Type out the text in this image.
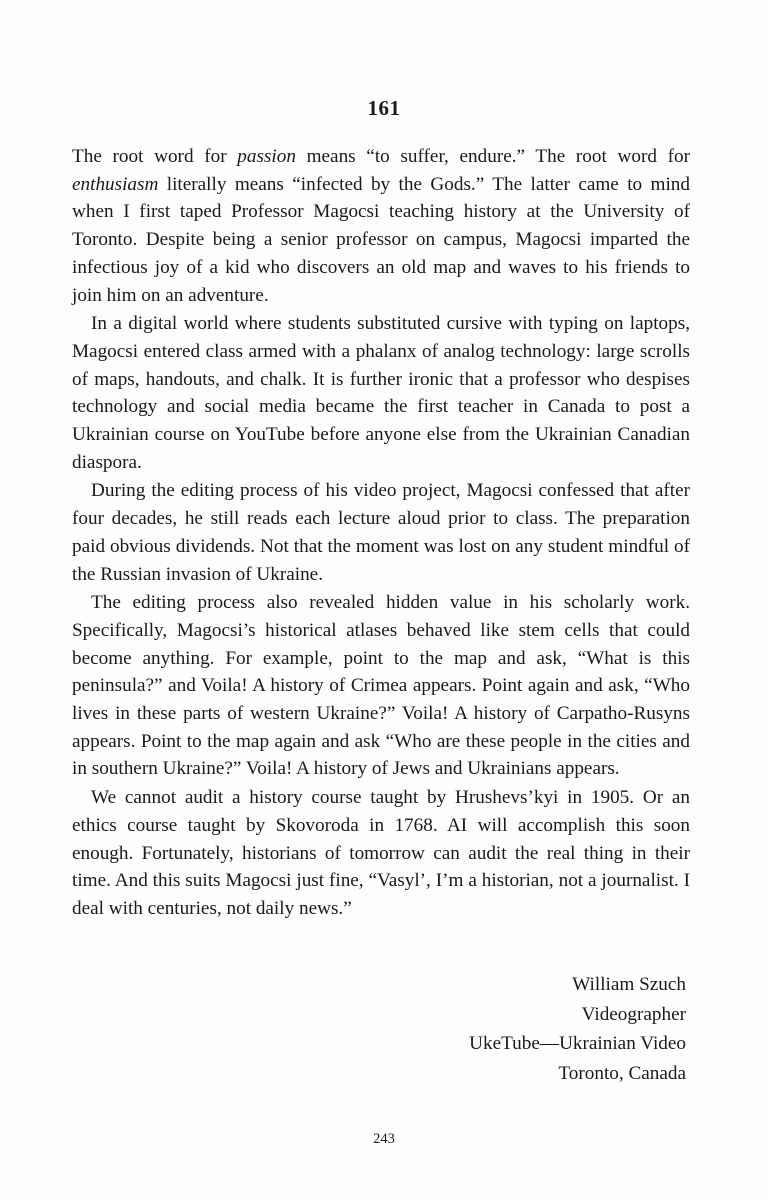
161

The root word for passion means “to suffer, endure.” The root word for enthusiasm literally means “infected by the Gods.” The latter came to mind when I first taped Professor Magocsi teaching history at the University of Toronto. Despite being a senior professor on campus, Magocsi imparted the infectious joy of a kid who discovers an old map and waves to his friends to join him on an adventure.

In a digital world where students substituted cursive with typing on laptops, Magocsi entered class armed with a phalanx of analog technology: large scrolls of maps, handouts, and chalk. It is further ironic that a professor who despises technology and social media became the first teacher in Canada to post a Ukrainian course on YouTube before anyone else from the Ukrainian Canadian diaspora.

During the editing process of his video project, Magocsi confessed that after four decades, he still reads each lecture aloud prior to class. The preparation paid obvious dividends. Not that the moment was lost on any student mindful of the Russian invasion of Ukraine.

The editing process also revealed hidden value in his scholarly work. Specifically, Magocsi’s historical atlases behaved like stem cells that could become anything. For example, point to the map and ask, “What is this peninsula?” and Voila! A history of Crimea appears. Point again and ask, “Who lives in these parts of western Ukraine?” Voila! A history of Carpatho-Rusyns appears. Point to the map again and ask “Who are these people in the cities and in southern Ukraine?” Voila! A history of Jews and Ukrainians appears.

We cannot audit a history course taught by Hrushevs’kyi in 1905. Or an ethics course taught by Skovoroda in 1768. AI will accomplish this soon enough. Fortunately, historians of tomorrow can audit the real thing in their time. And this suits Magocsi just fine, “Vasyl’, I’m a historian, not a journalist. I deal with centuries, not daily news.”

William Szuch
Videographer
UkeTube—Ukrainian Video
Toronto, Canada
243
